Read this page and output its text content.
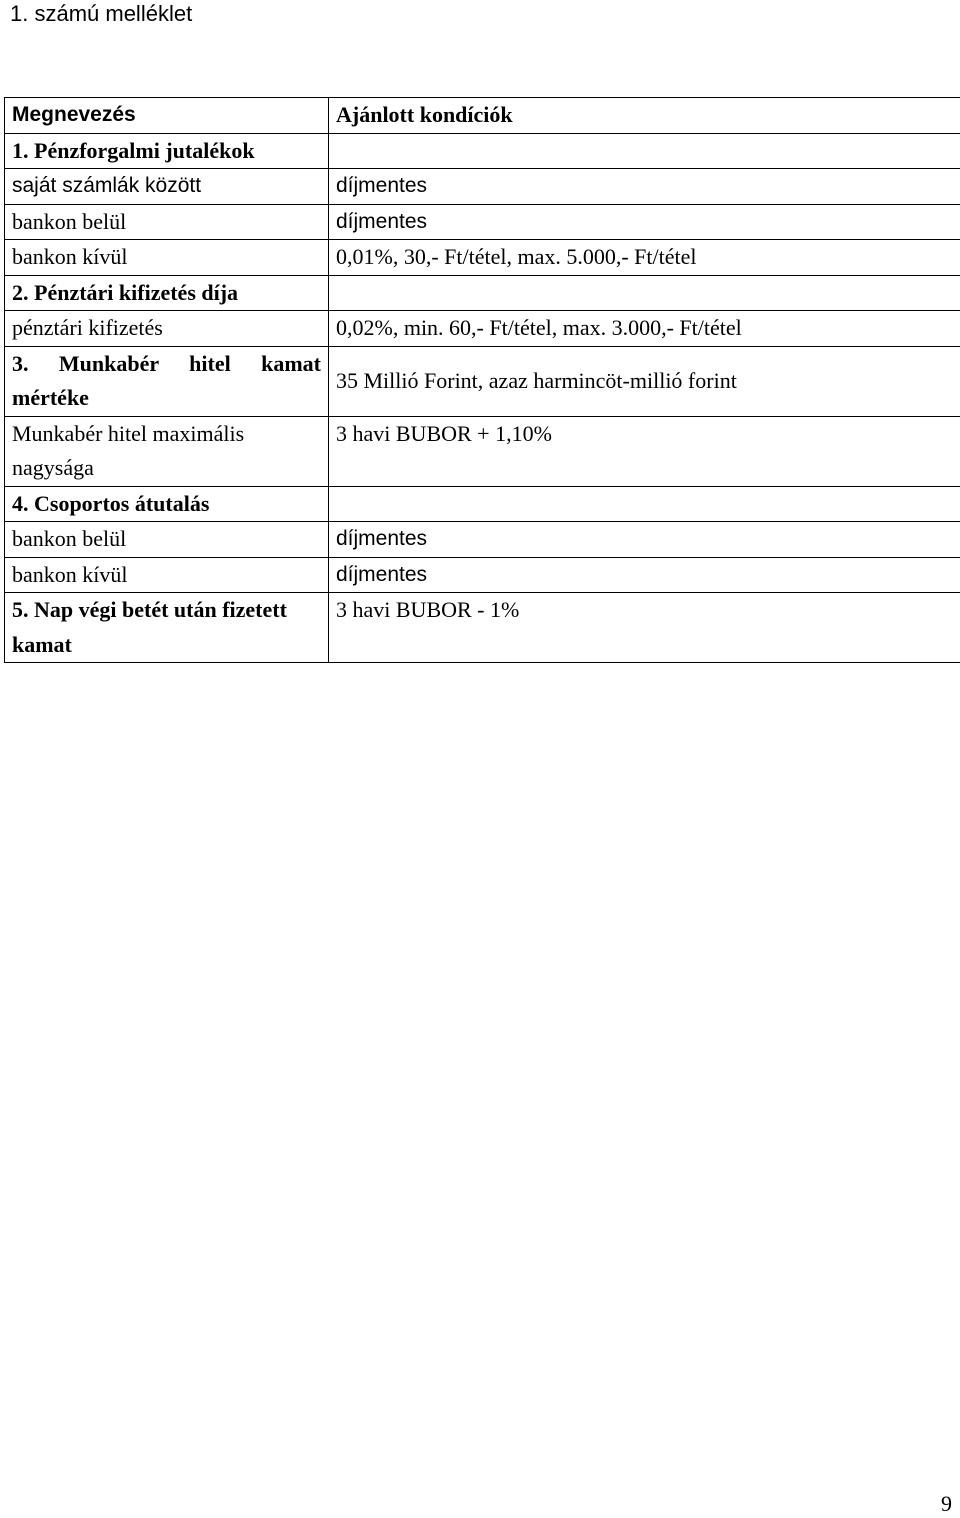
1. számú melléklet
Megnevezés	Ajánlott kondíciók
1. Pénzforgalmi jutalékok	
saját számlák között	díjmentes
bankon belül	díjmentes
bankon kívül	0,01%, 30,- Ft/tétel, max. 5.000,- Ft/tétel
2. Pénztári kifizetés díja	
pénztári kifizetés	0,02%, min. 60,- Ft/tétel, max. 3.000,- Ft/tétel
3. Munkabér hitel kamat mértéke	35 Millió Forint, azaz harmincöt-millió forint
Munkabér hitel maximális nagysága	3 havi BUBOR + 1,10%
4. Csoportos átutalás	
bankon belül	díjmentes
bankon kívül	díjmentes
5. Nap végi betét után fizetett kamat	3 havi BUBOR - 1%
9
